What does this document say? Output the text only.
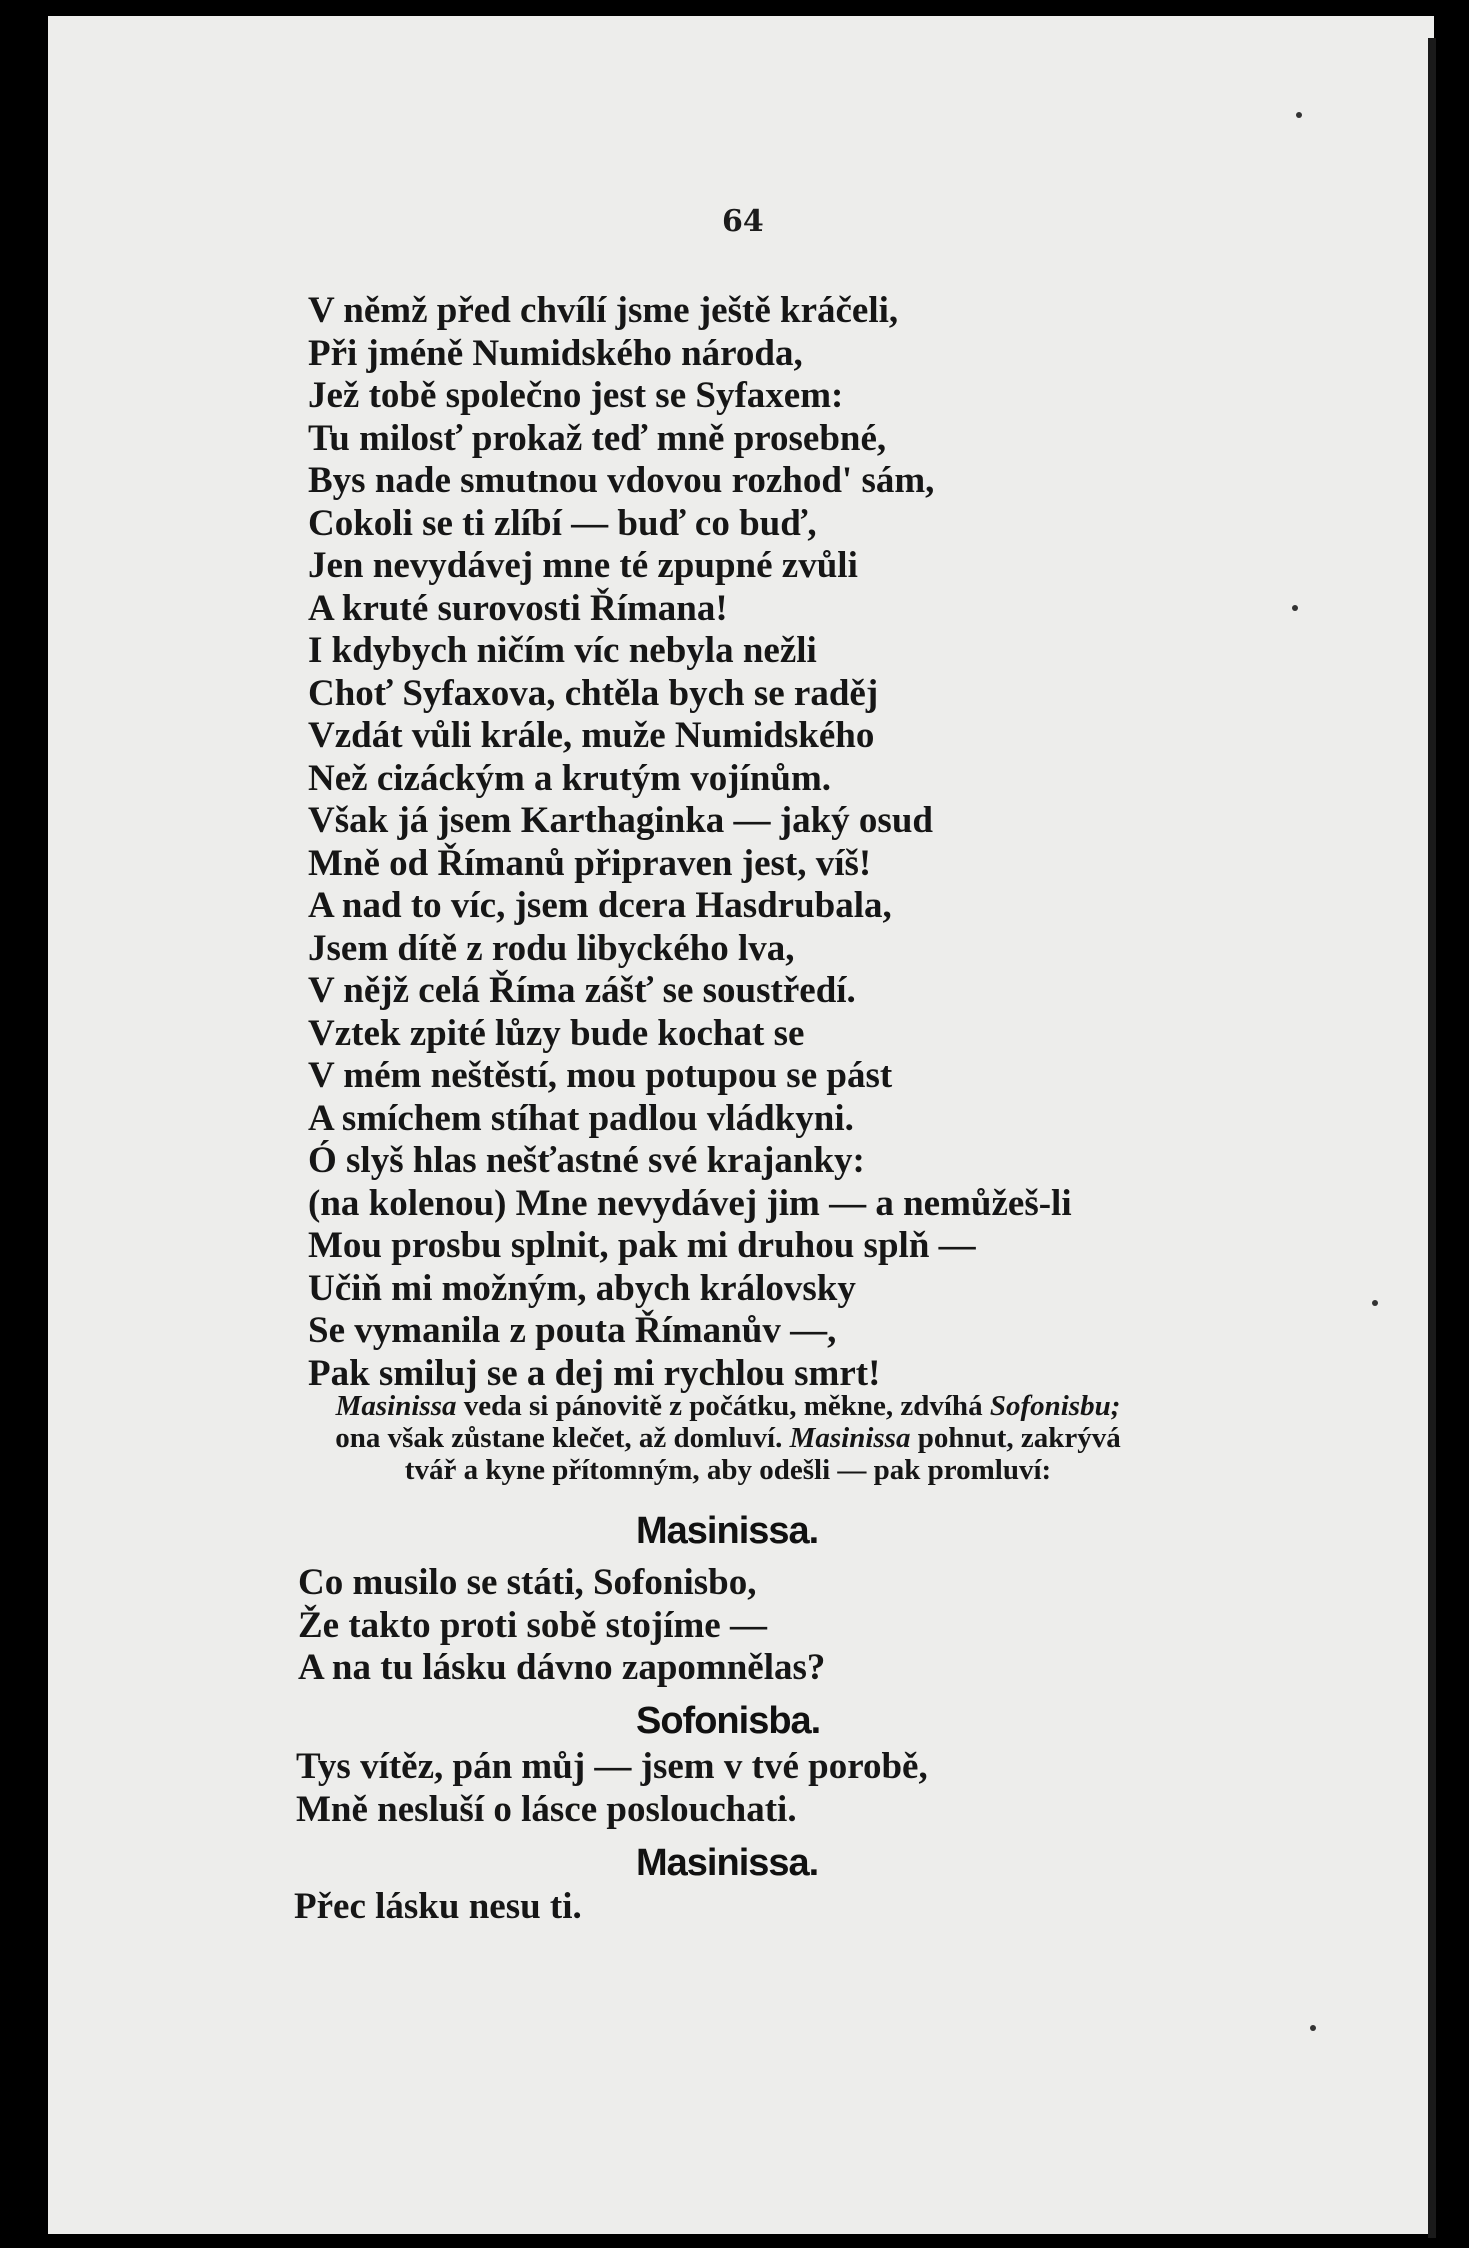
64
V němž před chvílí jsme ještě kráčeli,
Při jméně Numidského národa,
Jež tobě společno jest se Syfaxem:
Tu milosť prokaž teď mně prosebné,
Bys nade smutnou vdovou rozhod' sám,
Cokoli se ti zlíbí — buď co buď,
Jen nevydávej mne té zpupné zvůli
A kruté surovosti Římana!
I kdybych ničím víc nebyla nežli
Choť Syfaxova, chtěla bych se raděj
Vzdát vůli krále, muže Numidského
Než cizáckým a krutým vojínům.
Však já jsem Karthaginka — jaký osud
Mně od Římanů připraven jest, víš!
A nad to víc, jsem dcera Hasdrubala,
Jsem dítě z rodu libyckého lva,
V nějž celá Říma zášť se soustředí.
Vztek zpité lůzy bude kochat se
V mém neštěstí, mou potupou se pást
A smíchem stíhat padlou vládkyni.
Ó slyš hlas nešťastné své krajanky:
(na kolenou) Mne nevydávej jim — a nemůžeš-li
Mou prosbu splnit, pak mi druhou splň —
Učiň mi možným, abych královsky
Se vymanila z pouta Římanův —,
Pak smiluj se a dej mi rychlou smrt!
Masinissa veda si pánovitě z počátku, měkne, zdvíhá Sofonisbu;
ona však zůstane klečet, až domluví. Masinissa pohnut, zakrývá
tvář a kyne přítomným, aby odešli — pak promluví:
Masinissa.
Co musilo se státi, Sofonisbo,
Že takto proti sobě stojíme —
A na tu lásku dávno zapomnělas?
Sofonisba.
Tys vítěz, pán můj — jsem v tvé porobě,
Mně nesluší o lásce poslouchati.
Masinissa.
Přec lásku nesu ti.
